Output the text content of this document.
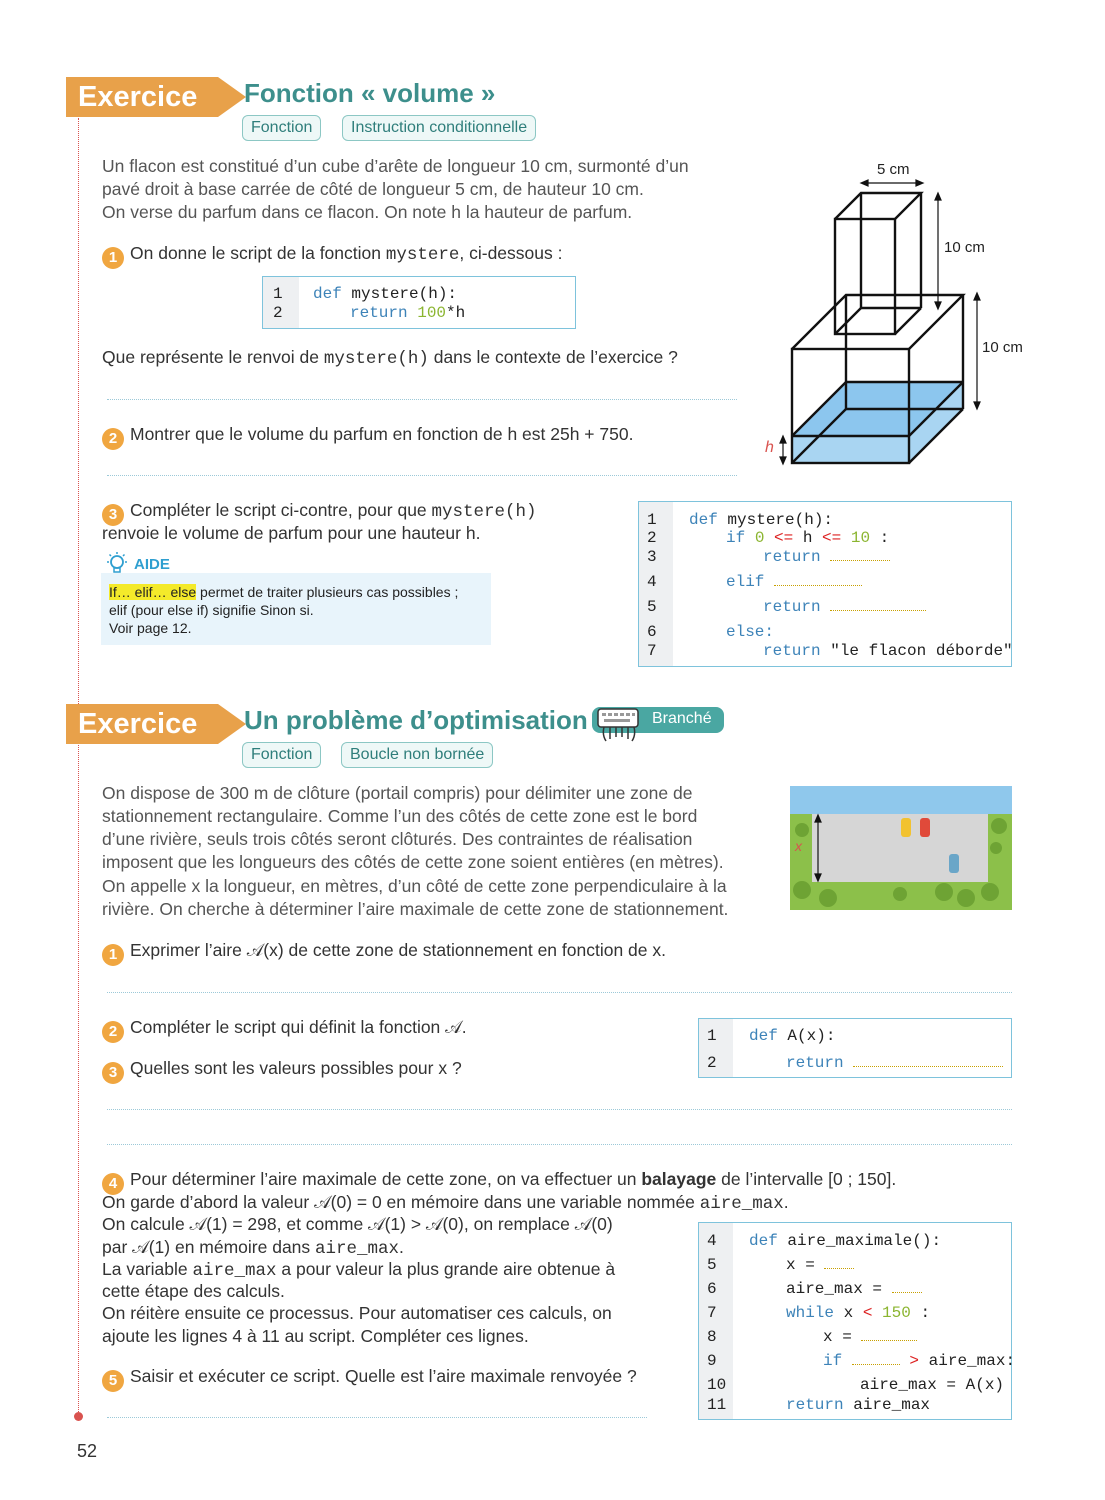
Exercice 7
Fonction « volume »
Fonction	Instruction conditionnelle
Un flacon est constitué d’un cube d’arête de longueur 10 cm, surmonté d’un
pavé droit à base carrée de côté de longueur 5 cm, de hauteur 10 cm.
On verse du parfum dans ce flacon. On note h la hauteur de parfum.
1 On donne le script de la fonction mystere, ci-dessous :
1
2
def mystere(h):
return 100*h
Que représente le renvoi de mystere(h) dans le contexte de l’exercice ?
2 Montrer que le volume du parfum en fonction de h est 25h + 750.
3 Compléter le script ci-contre, pour que mystere(h)
renvoie le volume de parfum pour une hauteur h.
AIDE
If… elif… else permet de traiter plusieurs cas possibles ;
elif (pour else if) signifie Sinon si.
Voir page 12.
1
2
3
4
5
6
7
def mystere(h):
if 0 <= h <= 10 :
return
elif
return
else:
return "le flacon déborde"
5 cm
10 cm
10 cm
h
Exercice 8
Un problème d’optimisation	Branché
Fonction	Boucle non bornée
On dispose de 300 m de clôture (portail compris) pour délimiter une zone de
stationnement rectangulaire. Comme l’un des côtés de cette zone est le bord
d’une rivière, seuls trois côtés seront clôturés. Des contraintes de réalisation
imposent que les longueurs des côtés de cette zone soient entières (en mètres).
On appelle x la longueur, en mètres, d’un côté de cette zone perpendiculaire à la
rivière. On cherche à déterminer l’aire maximale de cette zone de stationnement.
x
1 Exprimer l’aire 𝒜(x) de cette zone de stationnement en fonction de x.
2 Compléter le script qui définit la fonction 𝒜.
3 Quelles sont les valeurs possibles pour x ?
1
2
def A(x):
return
4 Pour déterminer l’aire maximale de cette zone, on va effectuer un balayage de l’intervalle [0 ; 150].
On garde d’abord la valeur 𝒜(0) = 0 en mémoire dans une variable nommée aire_max.
On calcule 𝒜(1) = 298, et comme 𝒜(1) > 𝒜(0), on remplace 𝒜(0)
par 𝒜(1) en mémoire dans aire_max.
La variable aire_max a pour valeur la plus grande aire obtenue à
cette étape des calculs.
On réitère ensuite ce processus. Pour automatiser ces calculs, on
ajoute les lignes 4 à 11 au script. Compléter ces lignes.
5 Saisir et exécuter ce script. Quelle est l’aire maximale renvoyée ?
4
5
6
7
8
9
10
11
def aire_maximale():
x =
aire_max =
while x < 150 :
x =
if	> aire_max:
aire_max = A(x)
return aire_max
52
